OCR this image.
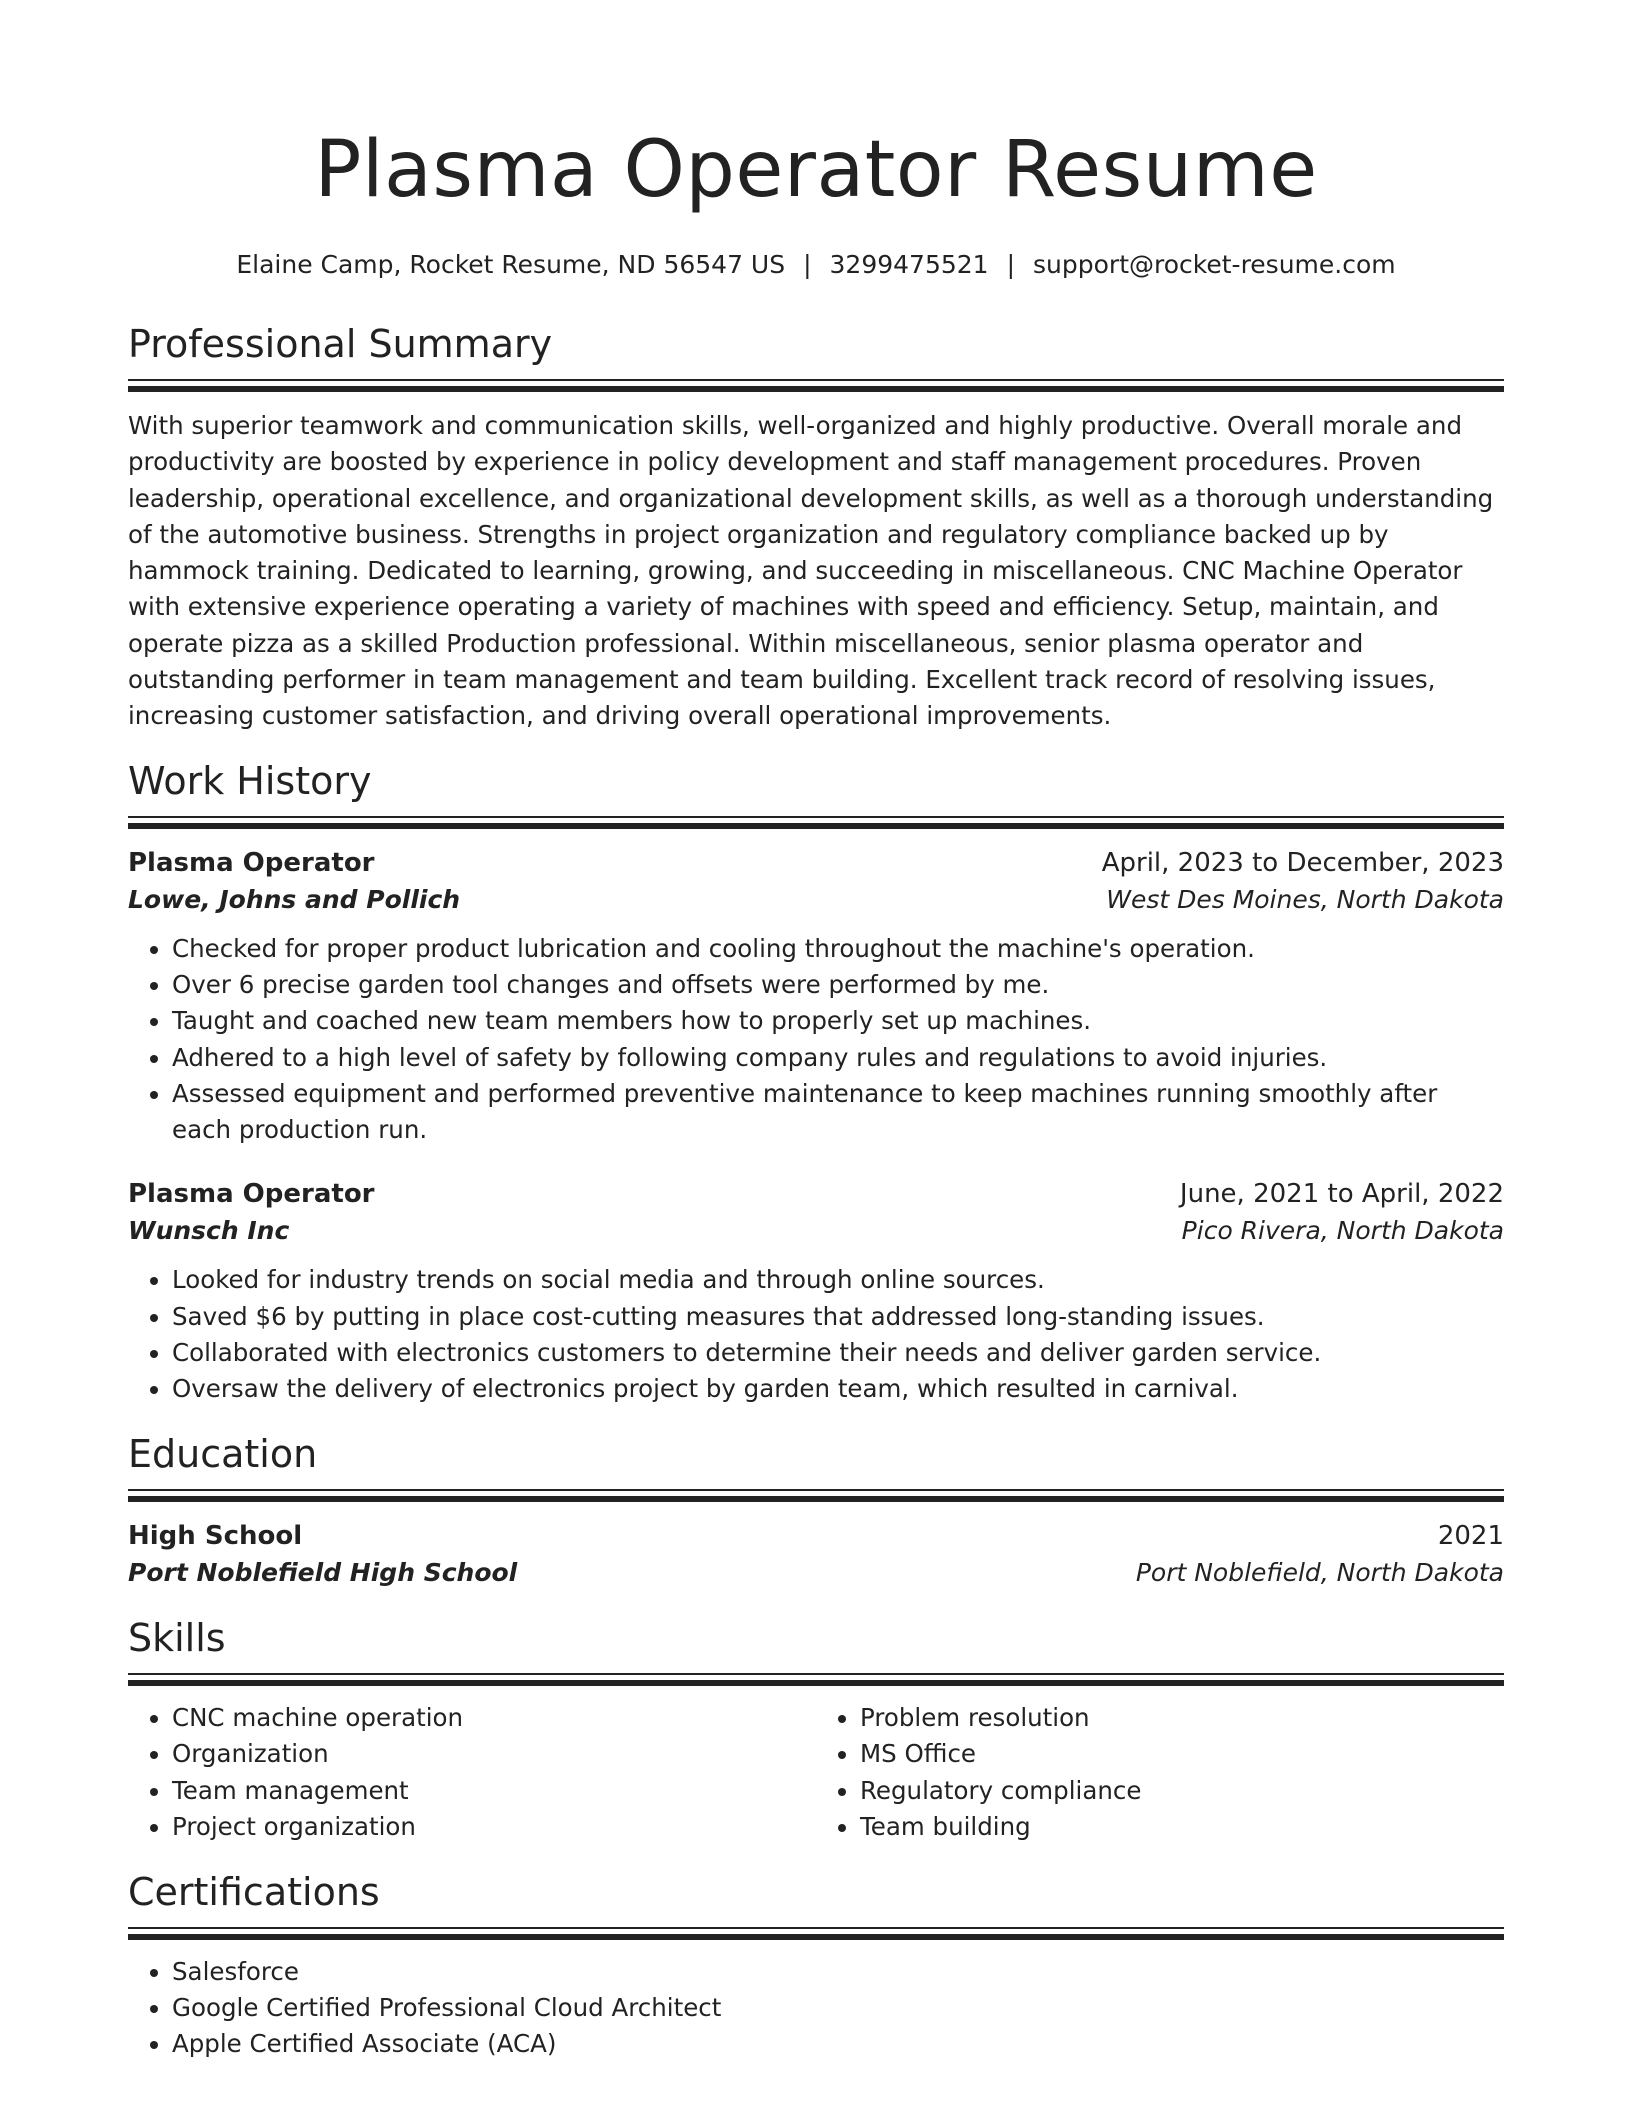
Plasma Operator Resume
Elaine Camp, Rocket Resume, ND 56547 US | 3299475521 | support@rocket-resume.com
Professional Summary

With superior teamwork and communication skills, well-organized and highly productive. Overall morale and productivity are boosted by experience in policy development and staff management procedures. Proven leadership, operational excellence, and organizational development skills, as well as a thorough understanding of the automotive business. Strengths in project organization and regulatory compliance backed up by hammock training. Dedicated to learning, growing, and succeeding in miscellaneous. CNC Machine Operator with extensive experience operating a variety of machines with speed and efficiency. Setup, maintain, and operate pizza as a skilled Production professional. Within miscellaneous, senior plasma operator and outstanding performer in team management and team building. Excellent track record of resolving issues, increasing customer satisfaction, and driving overall operational improvements.

Work History
Plasma Operator	April, 2023 to December, 2023
Lowe, Johns and Pollich	West Des Moines, North Dakota
• Checked for proper product lubrication and cooling throughout the machine's operation.
• Over 6 precise garden tool changes and offsets were performed by me.
• Taught and coached new team members how to properly set up machines.
• Adhered to a high level of safety by following company rules and regulations to avoid injuries.
• Assessed equipment and performed preventive maintenance to keep machines running smoothly after each production run.
Plasma Operator	June, 2021 to April, 2022
Wunsch Inc	Pico Rivera, North Dakota
• Looked for industry trends on social media and through online sources.
• Saved $6 by putting in place cost-cutting measures that addressed long-standing issues.
• Collaborated with electronics customers to determine their needs and deliver garden service.
• Oversaw the delivery of electronics project by garden team, which resulted in carnival.
Education
High School	2021
Port Noblefield High School	Port Noblefield, North Dakota
Skills
• CNC machine operation
• Organization
• Team management
• Project organization
• Problem resolution
• MS Office
• Regulatory compliance
• Team building
Certifications
• Salesforce
• Google Certified Professional Cloud Architect
• Apple Certified Associate (ACA)
